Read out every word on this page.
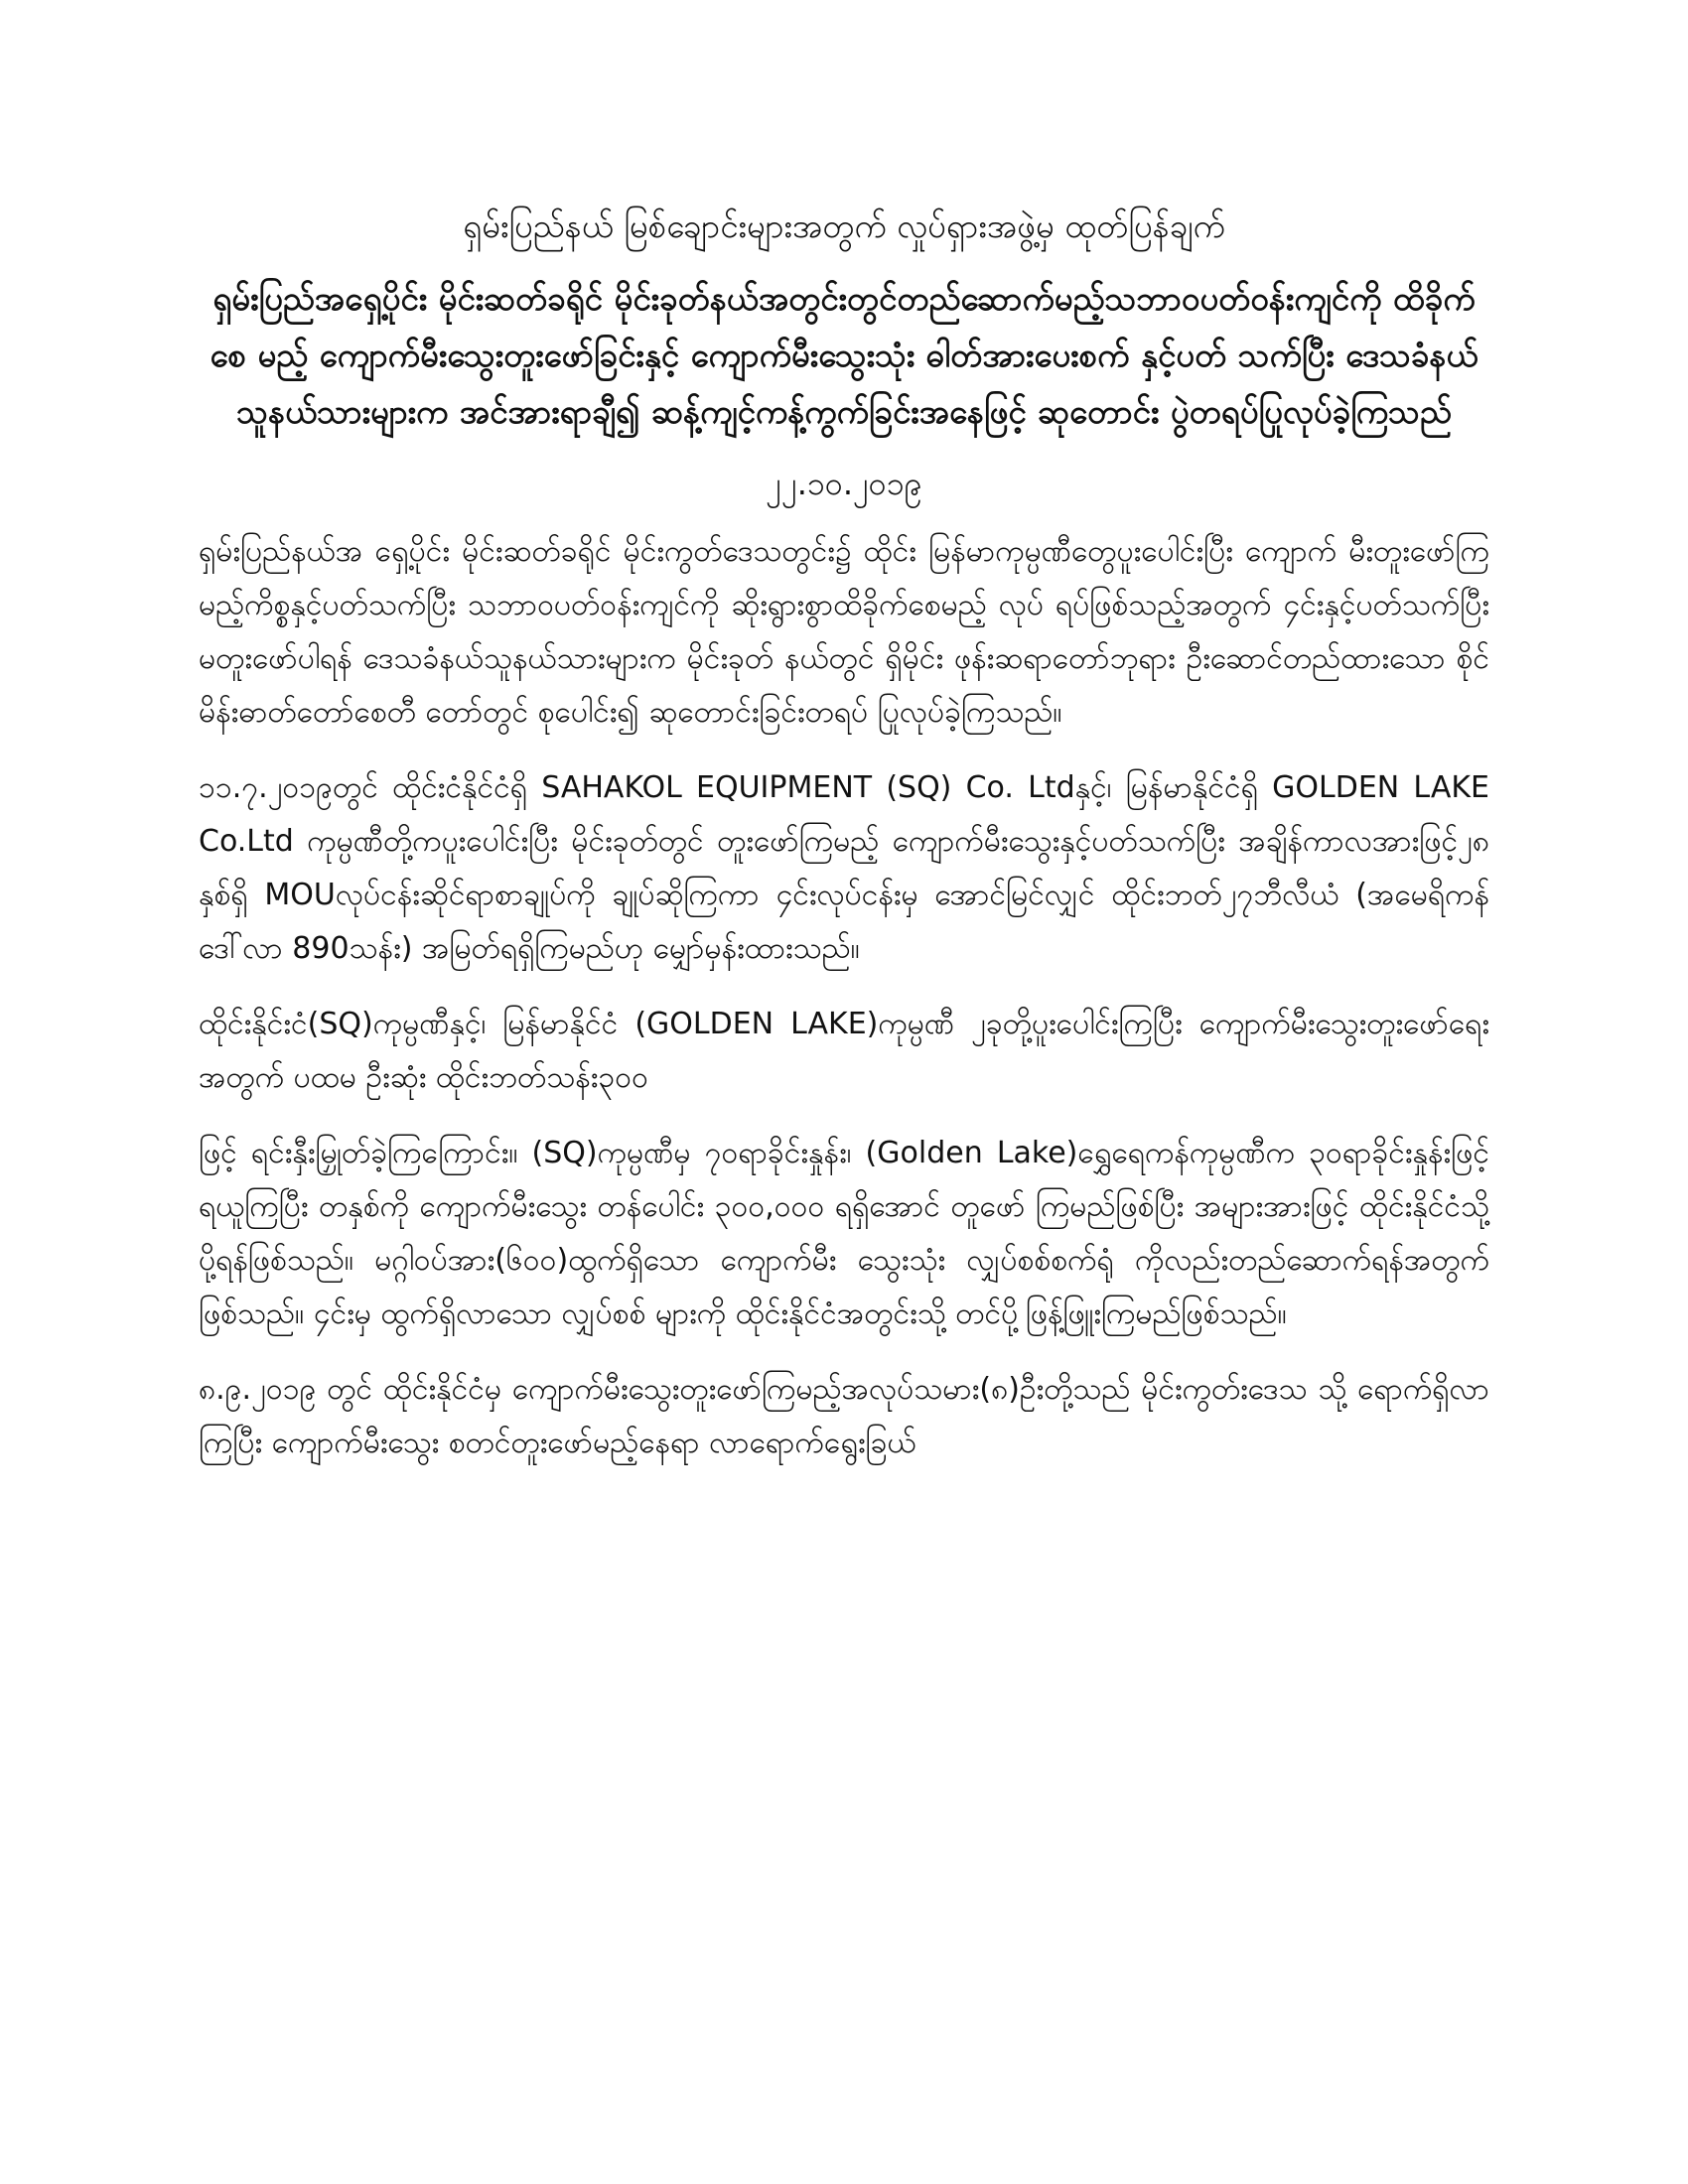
ရှမ်းပြည်နယ် မြစ်ချောင်းများအတွက် လှုပ်ရှားအဖွဲ့မှ ထုတ်ပြန်ချက်
ရှမ်းပြည်အရှေ့ပိုင်း မိုင်းဆတ်ခရိုင် မိုင်းခုတ်နယ်အတွင်းတွင်တည်ဆောက်မည့်သဘာဝပတ်ဝန်းကျင်ကို ထိခိုက် စေ မည့် ကျောက်မီးသွေးတူးဖော်ခြင်းနှင့် ကျောက်မီးသွေးသုံး ဓါတ်အားပေးစက် နှင့်ပတ် သက်ပြီး ဒေသခံနယ် သူနယ်သားများက အင်အားရာချီ၍ ဆန့်ကျင့်ကန့်ကွက်ခြင်းအနေဖြင့် ဆုတောင်း ပွဲတရပ်ပြုလုပ်ခဲ့ကြသည်
၂၂.၁၀.၂၀၁၉
ရှမ်းပြည်နယ်အ ရှေ့ပိုင်း မိုင်းဆတ်ခရိုင် မိုင်းကွတ်ဒေသတွင်း၌ ထိုင်း မြန်မာကုမ္ပဏီတွေပူးပေါင်းပြီး ကျောက် မီးတူးဖော်ကြမည့်ကိစ္စနှင့်ပတ်သက်ပြီး သဘာဝပတ်ဝန်းကျင်ကို ဆိုးရွားစွာထိခိုက်စေမည့် လုပ် ရပ်ဖြစ်သည့်အတွက် ၄င်းနှင့်ပတ်သက်ပြီး မတူးဖော်ပါရန် ဒေသခံနယ်သူနယ်သားများက မိုင်းခုတ် နယ်တွင် ရှိမိုင်း ဖုန်းဆရာတော်ဘုရား ဦးဆောင်တည်ထားသော စိုင်မိန်းဓာတ်တော်စေတီ တော်တွင် စုပေါင်း၍ ဆုတောင်းခြင်းတရပ် ပြုလုပ်ခဲ့ကြသည်။
၁၁.၇.၂၀၁၉တွင် ထိုင်းငံနိုင်ငံရှိ SAHAKOL EQUIPMENT (SQ) Co. Ltdနှင့်၊ မြန်မာနိုင်ငံရှိ GOLDEN LAKE Co.Ltd ကုမ္ပဏီတို့ကပူးပေါင်းပြီး မိုင်းခုတ်တွင် တူးဖော်ကြမည့် ကျောက်မီးသွေးနှင့်ပတ်သက်ပြီး အချိန်ကာလအားဖြင့်၂၈ နှစ်ရှိ MOUလုပ်ငန်းဆိုင်ရာစာချုပ်ကို ချုပ်ဆိုကြကာ ၄င်းလုပ်ငန်းမှ အောင်မြင်လျှင် ထိုင်းဘတ်၂၇ဘီလီယံ (အမေရိကန်ဒေါ်လာ 890သန်း) အမြတ်ရရှိကြမည်ဟု မျှော်မှန်းထားသည်။
ထိုင်းနိုင်းငံ(SQ)ကုမ္ပဏီနှင့်၊ မြန်မာနိုင်ငံ (GOLDEN LAKE)ကုမ္ပဏီ ၂ခုတို့ပူးပေါင်းကြပြီး ကျောက်မီးသွေးတူးဖော်ရေးအတွက် ပထမ ဦးဆုံး ထိုင်းဘတ်သန်း၃၀၀
ဖြင့် ရင်းနှီးမြှုတ်ခဲ့ကြကြောင်း။ (SQ)ကုမ္ပဏီမှ ၇၀ရာခိုင်းနှုန်း၊ (Golden Lake)ရွှေရေကန်ကုမ္ပဏီက ၃၀ရာခိုင်းနှုန်းဖြင့် ရယူကြပြီး တနှစ်ကို ကျောက်မီးသွေး တန်ပေါင်း ၃၀၀,၀၀၀ ရရှိအောင် တူဖော် ကြမည်ဖြစ်ပြီး အများအားဖြင့် ထိုင်းနိုင်ငံသို့ ပို့ရန်ဖြစ်သည်။ မဂ္ဂါဝပ်အား(၆၀၀)ထွက်ရှိသော ကျောက်မီး သွေးသုံး လျှပ်စစ်စက်ရုံ ကိုလည်းတည်ဆောက်ရန်အတွက်ဖြစ်သည်။ ၄င်းမှ ထွက်ရှိလာသော လျှပ်စစ် များကို ထိုင်းနိုင်ငံအတွင်းသို့ တင်ပို့ဖြန့်ဖြူးကြမည်ဖြစ်သည်။
၈.၉.၂၀၁၉ တွင် ထိုင်းနိုင်ငံမှ ကျောက်မီးသွေးတူးဖော်ကြမည့်အလုပ်သမား(၈)ဦးတို့သည် မိုင်းကွတ်းဒေသ သို့ ရောက်ရှိလာကြပြီး ကျောက်မီးသွေး စတင်တူးဖော်မည့်နေရာ လာရောက်ရွေးခြယ်
